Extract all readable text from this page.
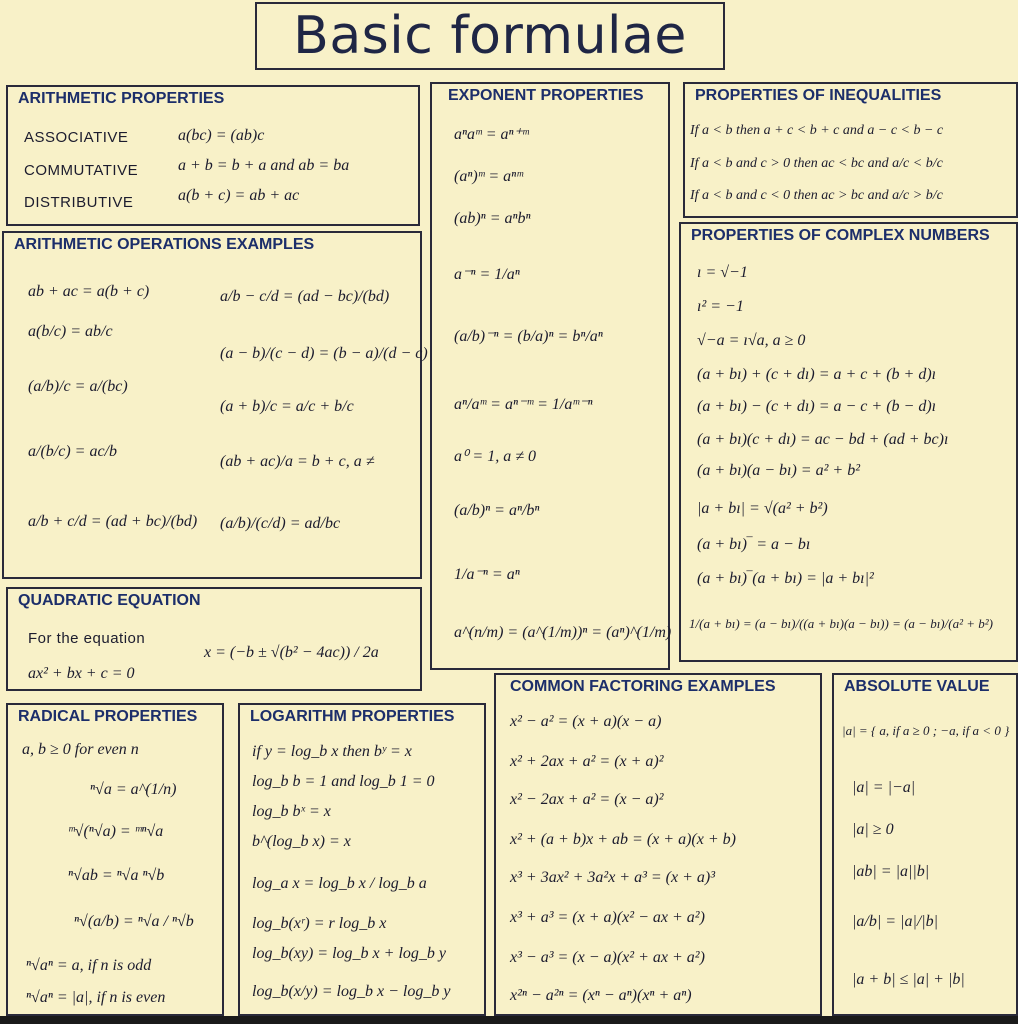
Basic formulae
ARITHMETIC PROPERTIES
ASSOCIATIVE	a(bc) = (ab)c
COMMUTATIVE a + b = b + a and ab = ba
DISTRIBUTIVE	a(b + c) = ab + ac
ARITHMETIC OPERATIONS EXAMPLES
ab + ac = a(b + c)
a(b/c) = ab/c
(a/b)/c = a/(bc)
a/(b/c) = ac/b
a/b + c/d = (ad + bc)/(bd)
a/b − c/d = (ad − bc)/(bd)
(a − b)/(c − d) = (b − a)/(d − c)
(a + b)/c = a/c + b/c
(ab + ac)/a = b + c, a ≠
(a/b)/(c/d) = ad/bc
EXPONENT PROPERTIES
aⁿaᵐ = aⁿ⁺ᵐ
(aⁿ)ᵐ = aⁿᵐ
(ab)ⁿ = aⁿbⁿ
a⁻ⁿ = 1/aⁿ
(a/b)⁻ⁿ = (b/a)ⁿ = bⁿ/aⁿ
aⁿ/aᵐ = aⁿ⁻ᵐ = 1/aᵐ⁻ⁿ
a⁰ = 1, a ≠ 0
(a/b)ⁿ = aⁿ/bⁿ
1/a⁻ⁿ = aⁿ
a^(n/m) = (a^(1/m))ⁿ = (aⁿ)^(1/m)
PROPERTIES OF INEQUALITIES
If a < b then a + c < b + c and a − c < b − c
If a < b and c > 0 then ac < bc and a/c < b/c
If a < b and c < 0 then ac > bc and a/c > b/c
PROPERTIES OF COMPLEX NUMBERS
ı = √−1
ı² = −1
√−a = ı√a, a ≥ 0
(a + bı) + (c + dı) = a + c + (b + d)ı
(a + bı) − (c + dı) = a − c + (b − d)ı
(a + bı)(c + dı) = ac − bd + (ad + bc)ı
(a + bı)(a − bı) = a² + b²
|a + bı| = √(a² + b²)
(a + bı)‾ = a − bı
(a + bı)‾(a + bı) = |a + bı|²
1/(a + bı) = (a − bı)/((a + bı)(a − bı)) = (a − bı)/(a² + b²)
QUADRATIC EQUATION
For the equation
ax² + bx + c = 0
x = (−b ± √(b² − 4ac)) / 2a
RADICAL PROPERTIES
a, b ≥ 0 for even n
ⁿ√a = a^(1/n)
ᵐ√(ⁿ√a) = ᵐⁿ√a
ⁿ√ab = ⁿ√a ⁿ√b
ⁿ√(a/b) = ⁿ√a / ⁿ√b
ⁿ√aⁿ = a, if n is odd
ⁿ√aⁿ = |a|, if n is even
LOGARITHM PROPERTIES
if y = log_b x then bʸ = x
log_b b = 1 and log_b 1 = 0
log_b bˣ = x
b^(log_b x) = x
log_a x = log_b x / log_b a
log_b(xʳ) = r log_b x
log_b(xy) = log_b x + log_b y
log_b(x/y) = log_b x − log_b y
COMMON FACTORING EXAMPLES
x² − a² = (x + a)(x − a)
x² + 2ax + a² = (x + a)²
x² − 2ax + a² = (x − a)²
x² + (a + b)x + ab = (x + a)(x + b)
x³ + 3ax² + 3a²x + a³ = (x + a)³
x³ + a³ = (x + a)(x² − ax + a²)
x³ − a³ = (x − a)(x² + ax + a²)
x²ⁿ − a²ⁿ = (xⁿ − aⁿ)(xⁿ + aⁿ)
ABSOLUTE VALUE
|a| = { a, if a ≥ 0 ; −a, if a < 0 }
|a| = |−a|
|a| ≥ 0
|ab| = |a||b|
|a/b| = |a|/|b|
|a + b| ≤ |a| + |b|
